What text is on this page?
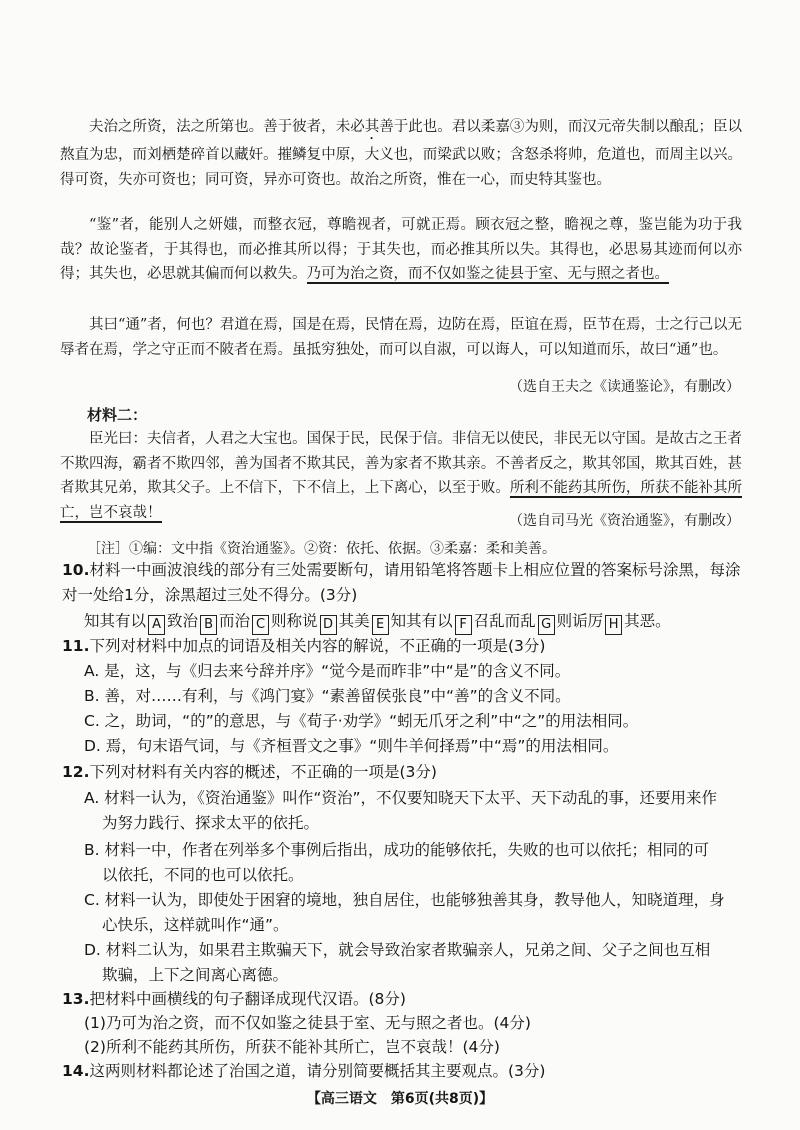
夫治之所资，法之所第也。善于彼者，未必其善于此也。君以柔嘉③为则，而汉元帝失制以酿乱；臣以熬直为忠，而刘栖楚碎首以藏奸。摧鳞复中原，大义也，而梁武以败；含怒杀将帅，危道也，而周主以兴。得可资，失亦可资也；同可资，异亦可资也。故治之所资，惟在一心，而史特其鉴也。
“鉴”者，能别人之妍媸，而整衣冠，尊瞻视者，可就正焉。顾衣冠之整，瞻视之尊，鉴岂能为功于我哉？故论鉴者，于其得也，而必推其所以得；于其失也，而必推其所以失。其得也，必思易其迹而何以亦得；其失也，必思就其偏而何以救失。乃可为治之资，而不仅如鉴之徒县于室、无与照之者也。
其曰“通”者，何也？君道在焉，国是在焉，民情在焉，边防在焉，臣谊在焉，臣节在焉，士之行己以无辱者在焉，学之守正而不陂者在焉。虽抵穷独处，而可以自淑，可以诲人，可以知道而乐，故曰“通”也。
（选自王夫之《读通鉴论》，有删改）
材料二：
臣光曰：夫信者，人君之大宝也。国保于民，民保于信。非信无以使民，非民无以守国。是故古之王者不欺四海，霸者不欺四邻，善为国者不欺其民，善为家者不欺其亲。不善者反之，欺其邻国，欺其百姓，甚者欺其兄弟，欺其父子。上不信下，下不信上，上下离心，以至于败。所利不能药其所伤，所获不能补其所亡，岂不哀哉！
（选自司马光《资治通鉴》，有删改）
［注］①编：文中指《资治通鉴》。②资：依托、依据。③柔嘉：柔和美善。
10.材料一中画波浪线的部分有三处需要断句，请用铅笔将答题卡上相应位置的答案标号涂黑，每涂对一处给1分，涂黑超过三处不得分。(3分)
知其有以 A 致治 B 而治 C 则称说 D 其美 E 知其有以 F 召乱而乱 G 则诟厉 H 其恶。
11.下列对材料中加点的词语及相关内容的解说，不正确的一项是(3分)
A. 是，这，与《归去来兮辞并序》“觉今是而昨非”中“是”的含义不同。
B. 善，对……有利，与《鸿门宴》“素善留侯张良”中“善”的含义不同。
C. 之，助词，“的”的意思，与《荀子·劝学》“蚓无爪牙之利”中“之”的用法相同。
D. 焉，句末语气词，与《齐桓晋文之事》“则牛羊何择焉”中“焉”的用法相同。
12.下列对材料有关内容的概述，不正确的一项是(3分)
A. 材料一认为，《资治通鉴》叫作“资治”，不仅要知晓天下太平、天下动乱的事，还要用来作
为努力践行、探求太平的依托。
B. 材料一中，作者在列举多个事例后指出，成功的能够依托，失败的也可以依托；相同的可
以依托，不同的也可以依托。
C. 材料一认为，即使处于困窘的境地，独自居住，也能够独善其身，教导他人，知晓道理，身
心快乐，这样就叫作“通”。
D. 材料二认为，如果君主欺骗天下，就会导致治家者欺骗亲人，兄弟之间、父子之间也互相
欺骗，上下之间离心离德。
13.把材料中画横线的句子翻译成现代汉语。(8分)
(1)乃可为治之资，而不仅如鉴之徒县于室、无与照之者也。(4分)
(2)所利不能药其所伤，所获不能补其所亡，岂不哀哉！(4分)
【高三语文　第6页(共8页)】
14.这两则材料都论述了治国之道，请分别简要概括其主要观点。(3分)
